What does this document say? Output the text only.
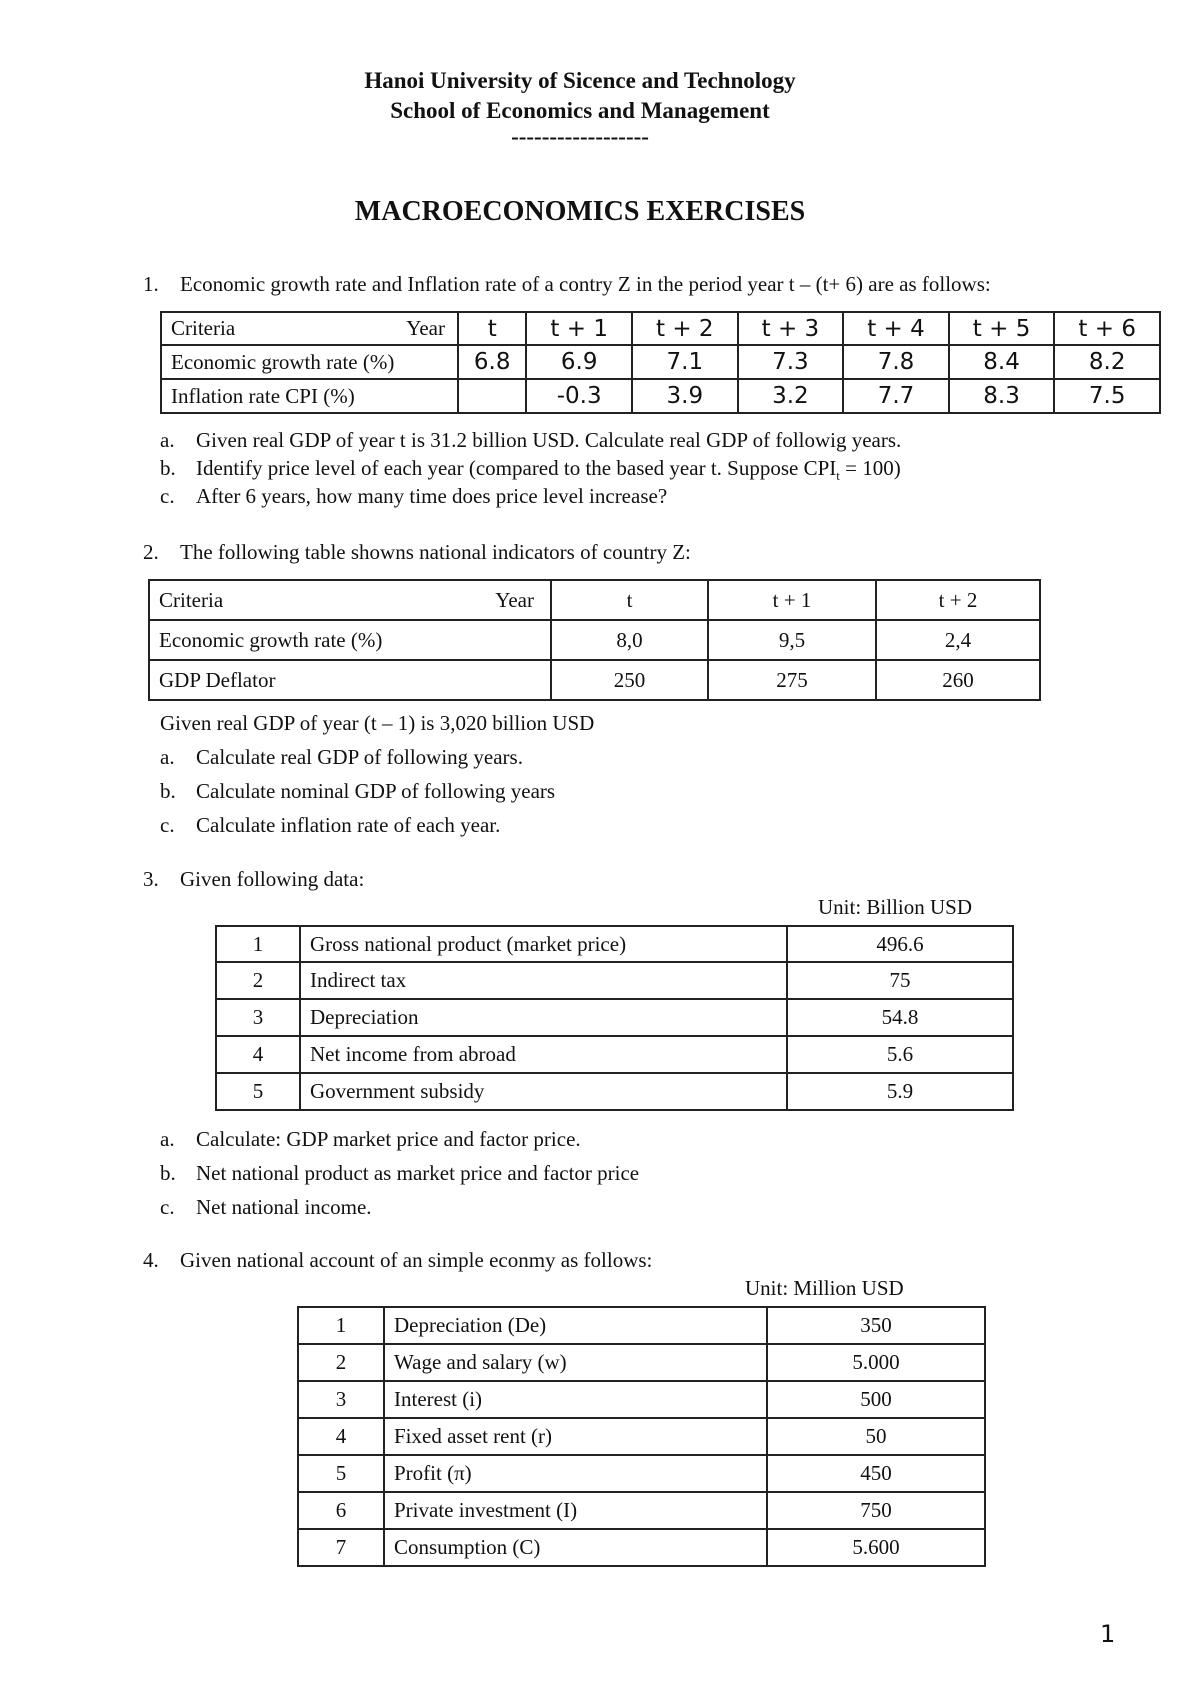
Hanoi University of Sicence and Technology
School of Economics and Management
------------------
MACROECONOMICS EXERCISES
1. Economic growth rate and Inflation rate of a contry Z in the period year t – (t+ 6) are as follows:
Criteria Year	t	t + 1	t + 2	t + 3	t + 4	t + 5	t + 6
Economic growth rate (%)	6.8	6.9	7.1	7.3	7.8	8.4	8.2
Inflation rate CPI (%)		-0.3	3.9	3.2	7.7	8.3	7.5
a. Given real GDP of year t is 31.2 billion USD. Calculate real GDP of followig years.
b. Identify price level of each year (compared to the based year t. Suppose $CPI_t = 100$)
c. After 6 years, how many time does price level increase?
2. The following table showns national indicators of country Z:
Criteria Year	t	t + 1	t + 2
Economic growth rate (%)	8,0	9,5	2,4
GDP Deflator	250	275	260
Given real GDP of year (t – 1) is 3,020 billion USD
a. Calculate real GDP of following years.
b. Calculate nominal GDP of following years
c. Calculate inflation rate of each year.
3. Given following data:
Unit: Billion USD
1	Gross national product (market price)	496.6
2	Indirect tax	75
3	Depreciation	54.8
4	Net income from abroad	5.6
5	Government subsidy	5.9
a. Calculate: GDP market price and factor price.
b. Net national product as market price and factor price
c. Net national income.
4. Given national account of an simple econmy as follows:
Unit: Million USD
1	Depreciation (De)	350
2	Wage and salary (w)	5.000
3	Interest (i)	500
4	Fixed asset rent (r)	50
5	Profit (π)	450
6	Private investment (I)	750
7	Consumption (C)	5.600
1
